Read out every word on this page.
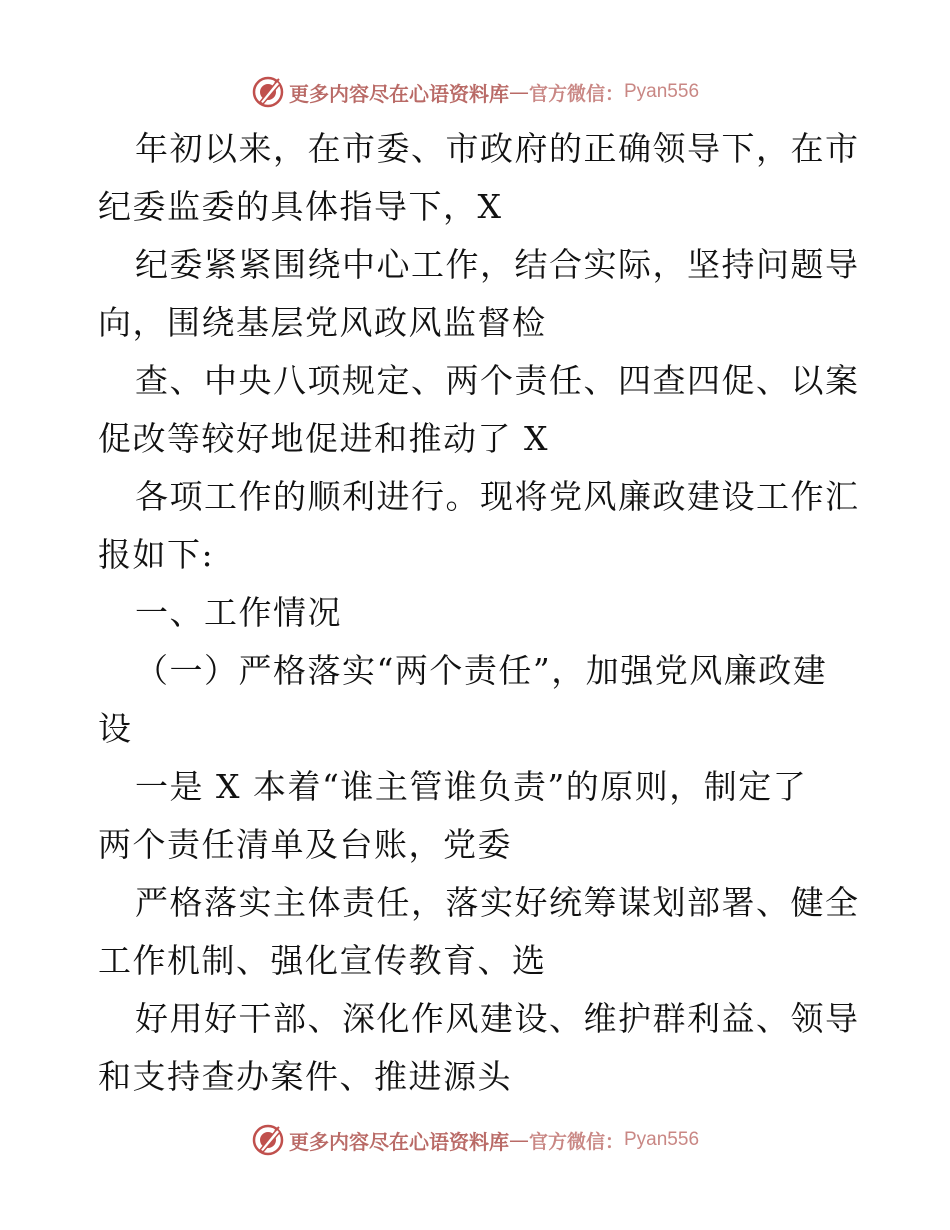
更多内容尽在心语资料库 — 官方微信： Pyan556
年初以来，在市委、市政府的正确领导下，在市
纪委监委的具体指导下，X
纪委紧紧围绕中心工作，结合实际，坚持问题导
向，围绕基层党风政风监督检
查、中央八项规定、两个责任、四查四促、以案
促改等较好地促进和推动了 X
各项工作的顺利进行。现将党风廉政建设工作汇
报如下:
一、工作情况
（一）严格落实“两个责任”，加强党风廉政建
设
一是 X 本着“谁主管谁负责”的原则，制定了
两个责任清单及台账，党委
严格落实主体责任，落实好统筹谋划部署、健全
工作机制、强化宣传教育、选
好用好干部、深化作风建设、维护群利益、领导
和支持查办案件、推进源头
更多内容尽在心语资料库 — 官方微信： Pyan556
